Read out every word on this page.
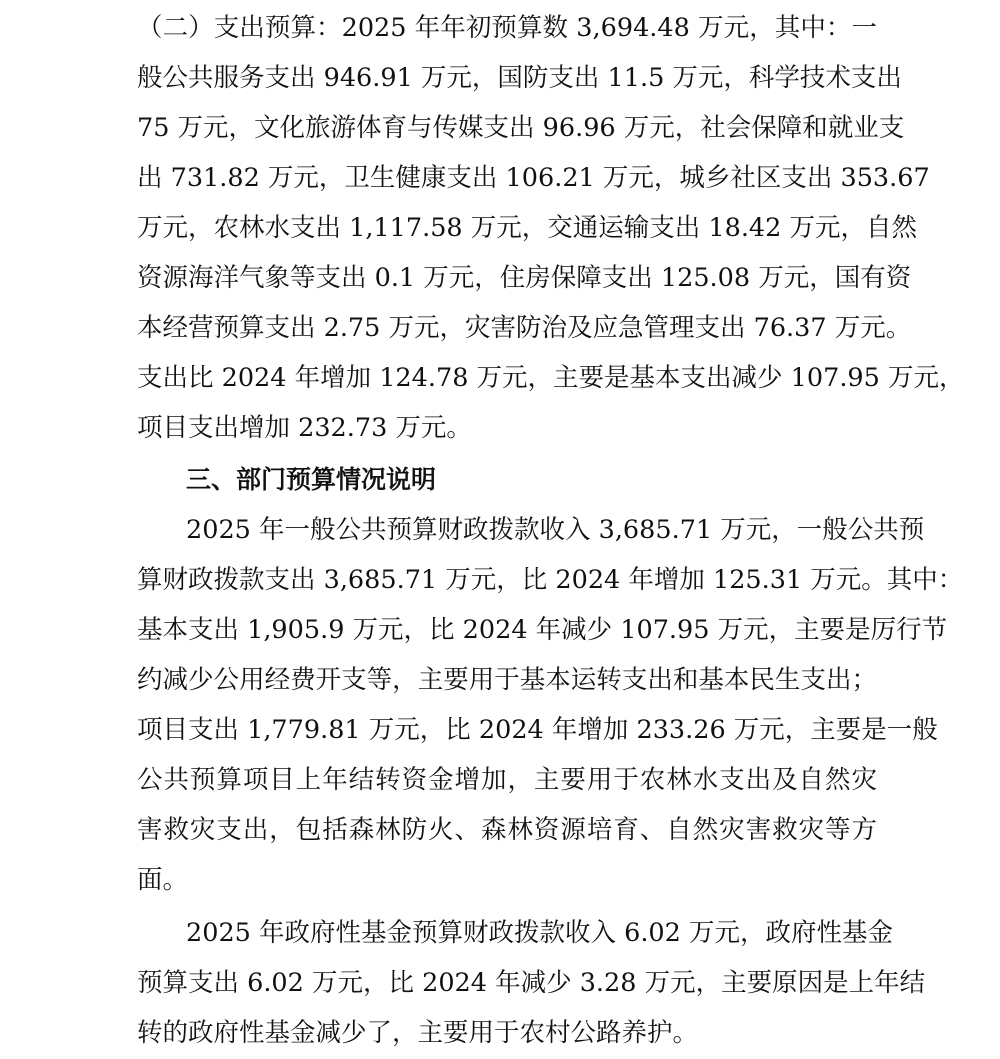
（二）支出预算：2025 年年初预算数 3,694.48 万元，其中：一
般公共服务支出 946.91 万元，国防支出 11.5 万元，科学技术支出
75 万元，文化旅游体育与传媒支出 96.96 万元，社会保障和就业支
出 731.82 万元，卫生健康支出 106.21 万元，城乡社区支出 353.67
万元，农林水支出 1,117.58 万元，交通运输支出 18.42 万元，自然
资源海洋气象等支出 0.1 万元，住房保障支出 125.08 万元，国有资
本经营预算支出 2.75 万元，灾害防治及应急管理支出 76.37 万元。
支出比 2024 年增加 124.78 万元，主要是基本支出减少 107.95 万元，
项目支出增加 232.73 万元。
三、部门预算情况说明
2025 年一般公共预算财政拨款收入 3,685.71 万元，一般公共预
算财政拨款支出 3,685.71 万元，比 2024 年增加 125.31 万元。其中：
基本支出 1,905.9 万元，比 2024 年减少 107.95 万元，主要是厉行节
约减少公用经费开支等，主要用于基本运转支出和基本民生支出；
项目支出 1,779.81 万元，比 2024 年增加 233.26 万元，主要是一般
公共预算项目上年结转资金增加，主要用于农林水支出及自然灾
害救灾支出，包括森林防火、森林资源培育、自然灾害救灾等方
面。
2025 年政府性基金预算财政拨款收入 6.02 万元，政府性基金
预算支出 6.02 万元，比 2024 年减少 3.28 万元，主要原因是上年结
转的政府性基金减少了，主要用于农村公路养护。
